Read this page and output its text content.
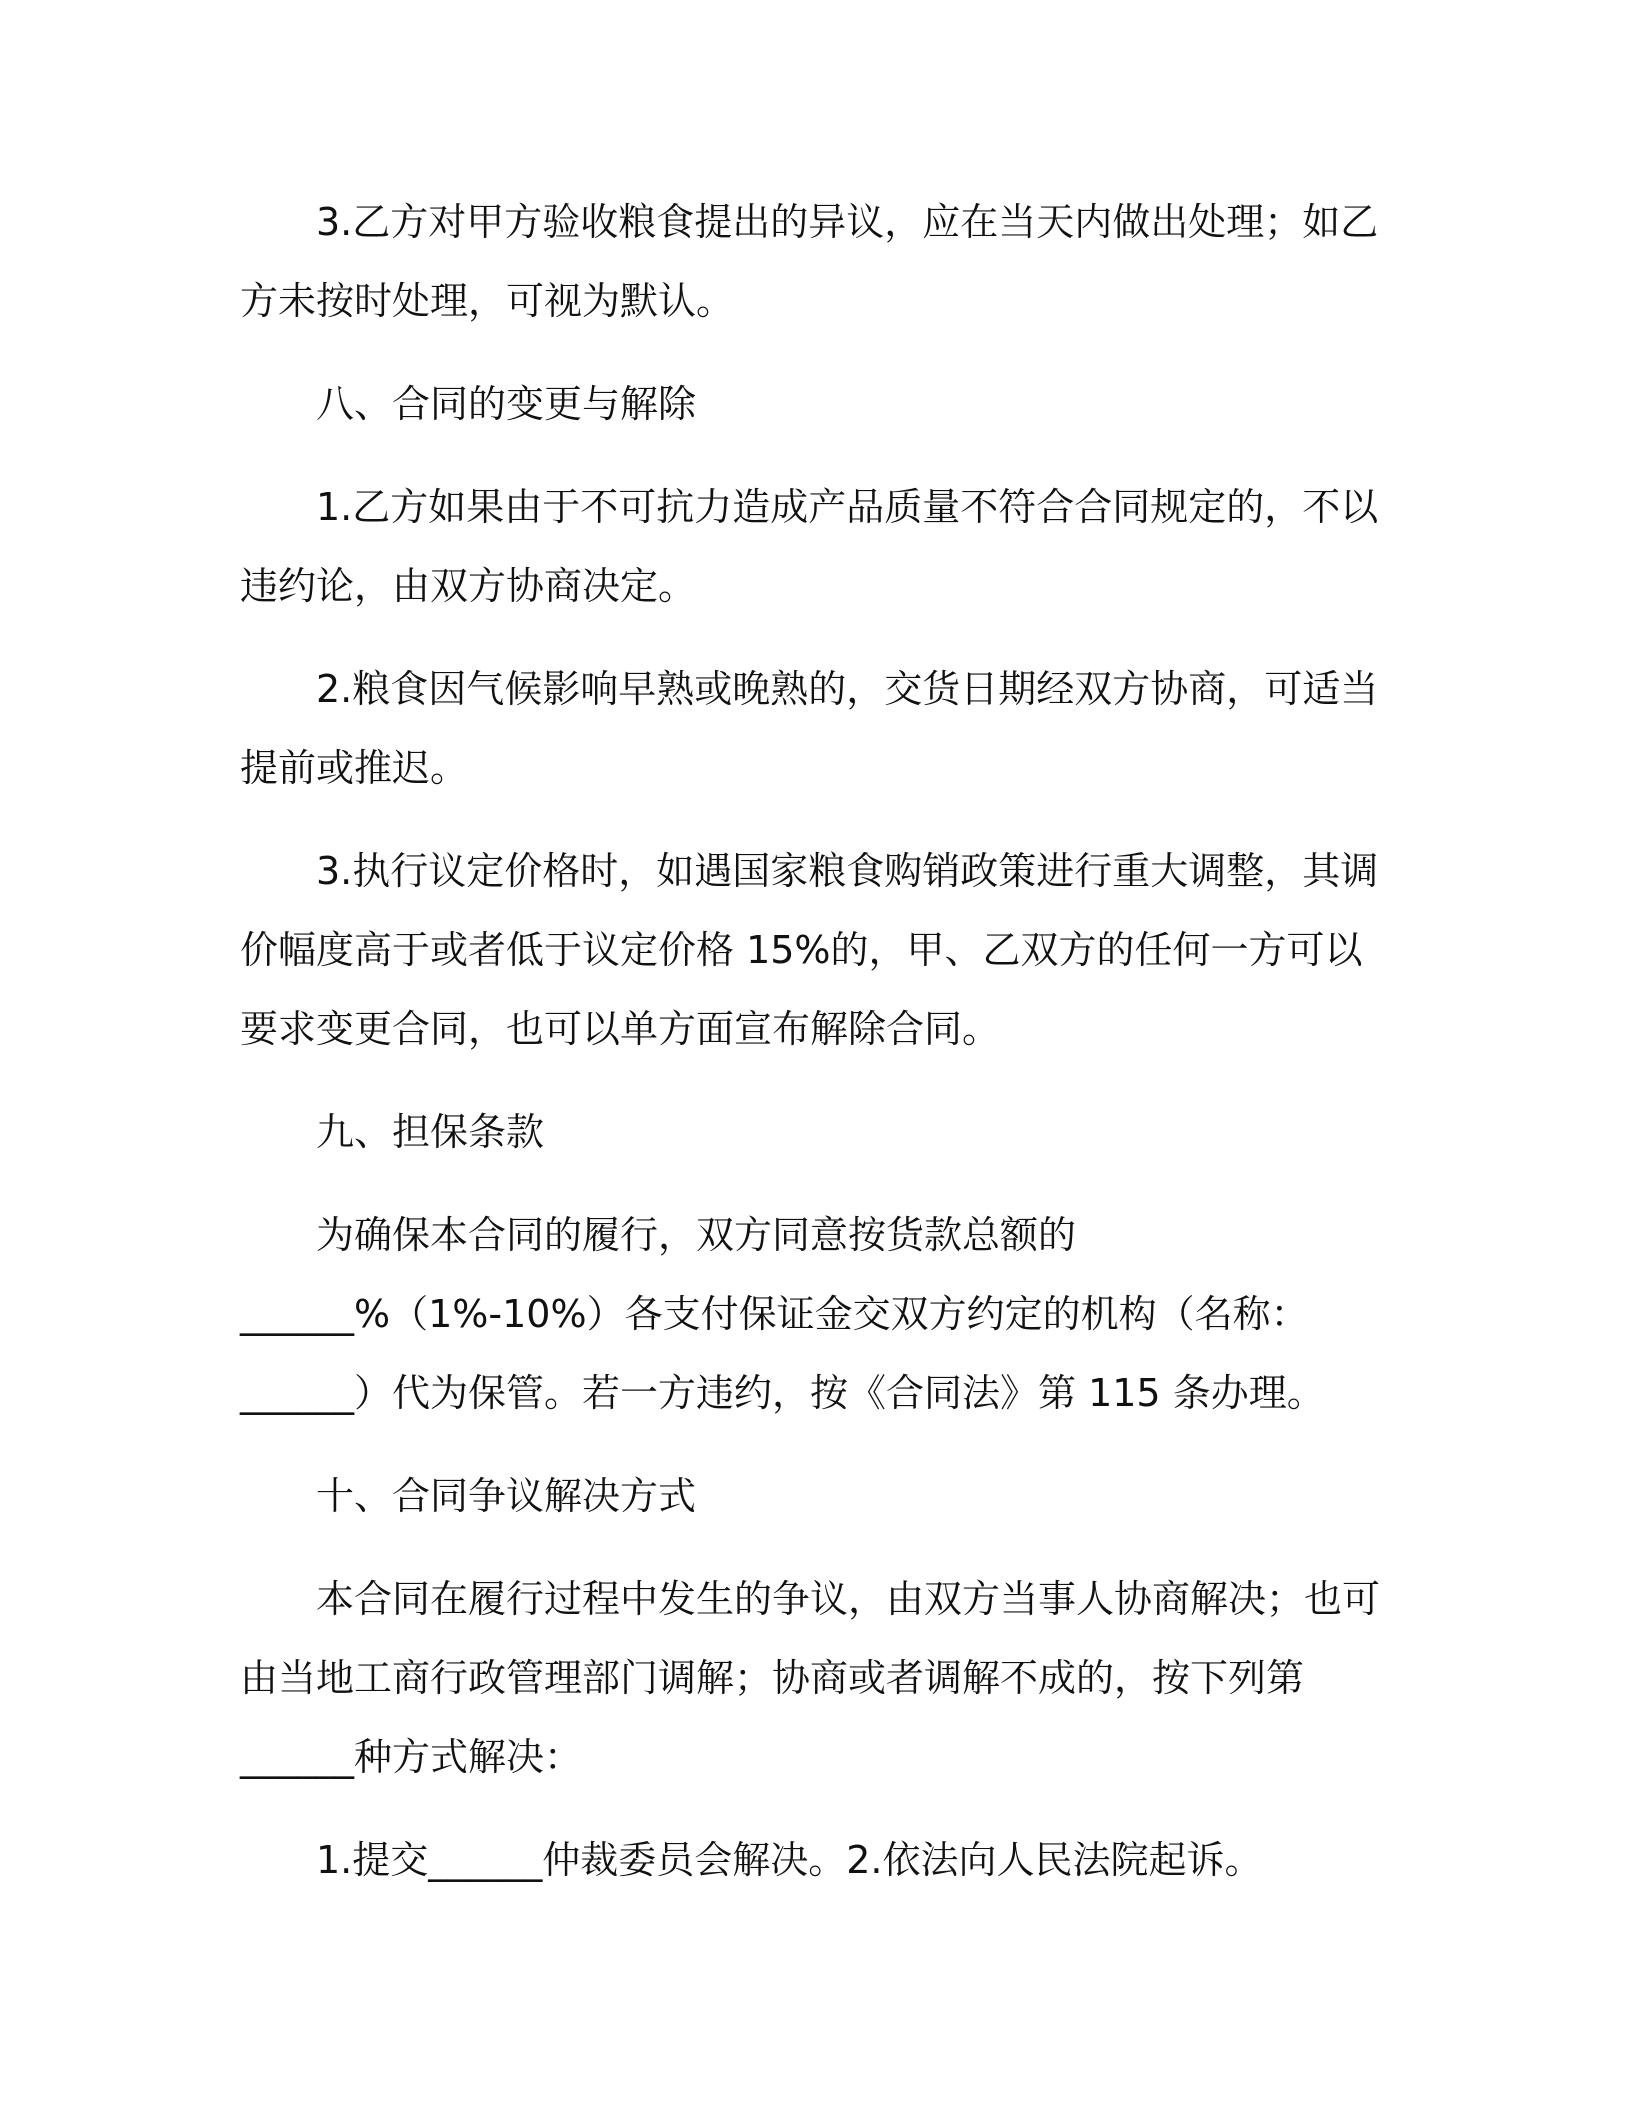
3.乙方对甲方验收粮食提出的异议，应在当天内做出处理；如乙方未按时处理，可视为默认。

八、合同的变更与解除

1.乙方如果由于不可抗力造成产品质量不符合合同规定的，不以违约论，由双方协商决定。

2.粮食因气候影响早熟或晚熟的，交货日期经双方协商，可适当提前或推迟。

3.执行议定价格时，如遇国家粮食购销政策进行重大调整，其调价幅度高于或者低于议定价格 15%的，甲、乙双方的任何一方可以要求变更合同，也可以单方面宣布解除合同。

九、担保条款

为确保本合同的履行，双方同意按货款总额的______%（1%-10%）各支付保证金交双方约定的机构（名称：______）代为保管。若一方违约，按《合同法》第 115 条办理。

十、合同争议解决方式

本合同在履行过程中发生的争议，由双方当事人协商解决；也可由当地工商行政管理部门调解；协商或者调解不成的，按下列第______种方式解决：

1.提交______仲裁委员会解决。2.依法向人民法院起诉。
